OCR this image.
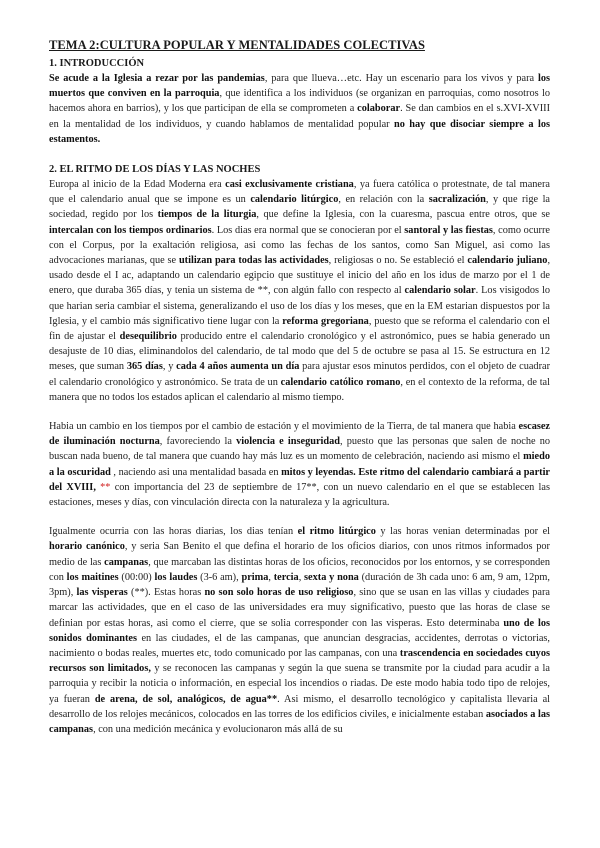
TEMA 2:CULTURA POPULAR Y MENTALIDADES COLECTIVAS
1. INTRODUCCIÓN

Se acude a la Iglesia a rezar por las pandemias, para que llueva…etc. Hay un escenario para los vivos y para los muertos que conviven en la parroquia, que identifica a los individuos (se organizan en parroquias, como nosotros lo hacemos ahora en barrios), y los que participan de ella se comprometen a colaborar. Se dan cambios en el s.XVI-XVIII en la mentalidad de los individuos, y cuando hablamos de mentalidad popular no hay que disociar siempre a los estamentos.

2. EL RITMO DE LOS DÍAS Y LAS NOCHES

Europa al inicio de la Edad Moderna era casi exclusivamente cristiana, ya fuera católica o protestnate, de tal manera que el calendario anual que se impone es un calendario litúrgico, en relación con la sacralización, y que rige la sociedad, regido por los tiempos de la liturgia, que define la Iglesia, con la cuaresma, pascua entre otros, que se intercalan con los tiempos ordinarios. Los dias era normal que se conocieran por el santoral y las fiestas, como ocurre con el Corpus, por la exaltación religiosa, asi como las fechas de los santos, como San Miguel, asi como las advocaciones marianas, que se utilizan para todas las actividades, religiosas o no. Se estableció el calendario juliano, usado desde el I ac, adaptando un calendario egipcio que sustituye el inicio del año en los idus de marzo por el 1 de enero, que duraba 365 días, y tenia un sistema de **, con algún fallo con respecto al calendario solar. Los visigodos lo que harian seria cambiar el sistema, generalizando el uso de los días y los meses, que en la EM estarian dispuestos por la Iglesia, y el cambio más significativo tiene lugar con la reforma gregoriana, puesto que se reforma el calendario con el fin de ajustar el desequilibrio producido entre el calendario cronológico y el astronómico, pues se habia generado un desajuste de 10 dias, eliminandolos del calendario, de tal modo que del 5 de octubre se pasa al 15. Se estructura en 12 meses, que suman 365 días, y cada 4 años aumenta un día para ajustar esos minutos perdidos, con el objeto de cuadrar el calendario cronológico y astronómico. Se trata de un calendario católico romano, en el contexto de la reforma, de tal manera que no todos los estados aplican el calendario al mismo tiempo.

Habia un cambio en los tiempos por el cambio de estación y el movimiento de la Tierra, de tal manera que habia escasez de iluminación nocturna, favoreciendo la violencia e inseguridad, puesto que las personas que salen de noche no buscan nada bueno, de tal manera que cuando hay más luz es un momento de celebración, naciendo asi mismo el miedo a la oscuridad , naciendo asi una mentalidad basada en mitos y leyendas. Este ritmo del calendario cambiará a partir del XVIII, ** con importancia del 23 de septiembre de 17**, con un nuevo calendario en el que se establecen las estaciones, meses y días, con vinculación directa con la naturaleza y la agricultura.

Igualmente ocurria con las horas diarias, los dias tenían el ritmo litúrgico y las horas venian determinadas por el horario canónico, y seria San Benito el que defina el horario de los oficios diarios, con unos ritmos informados por medio de las campanas, que marcaban las distintas horas de los oficios, reconocidos por los entornos, y se corresponden con los maitines (00:00) los laudes (3-6 am), prima, tercia, sexta y nona (duración de 3h cada uno: 6 am, 9 am, 12pm, 3pm), las visperas (**). Estas horas no son solo horas de uso religioso, sino que se usan en las villas y ciudades para marcar las actividades, que en el caso de las universidades era muy significativo, puesto que las horas de clase se definian por estas horas, asi como el cierre, que se solia corresponder con las visperas. Esto determinaba uno de los sonidos dominantes en las ciudades, el de las campanas, que anuncian desgracias, accidentes, derrotas o victorias, nacimiento o bodas reales, muertes etc, todo comunicado por las campanas, con una trascendencia en sociedades cuyos recursos son limitados, y se reconocen las campanas y según la que suena se transmite por la ciudad para acudir a la parroquia y recibir la noticia o información, en especial los incendios o riadas. De este modo habia todo tipo de relojes, ya fueran de arena, de sol, analógicos, de agua**. Asi mismo, el desarrollo tecnológico y capitalista llevaria al desarrollo de los relojes mecánicos, colocados en las torres de los edificios civiles, e inicialmente estaban asociados a las campanas, con una medición mecánica y evolucionaron más allá de su
